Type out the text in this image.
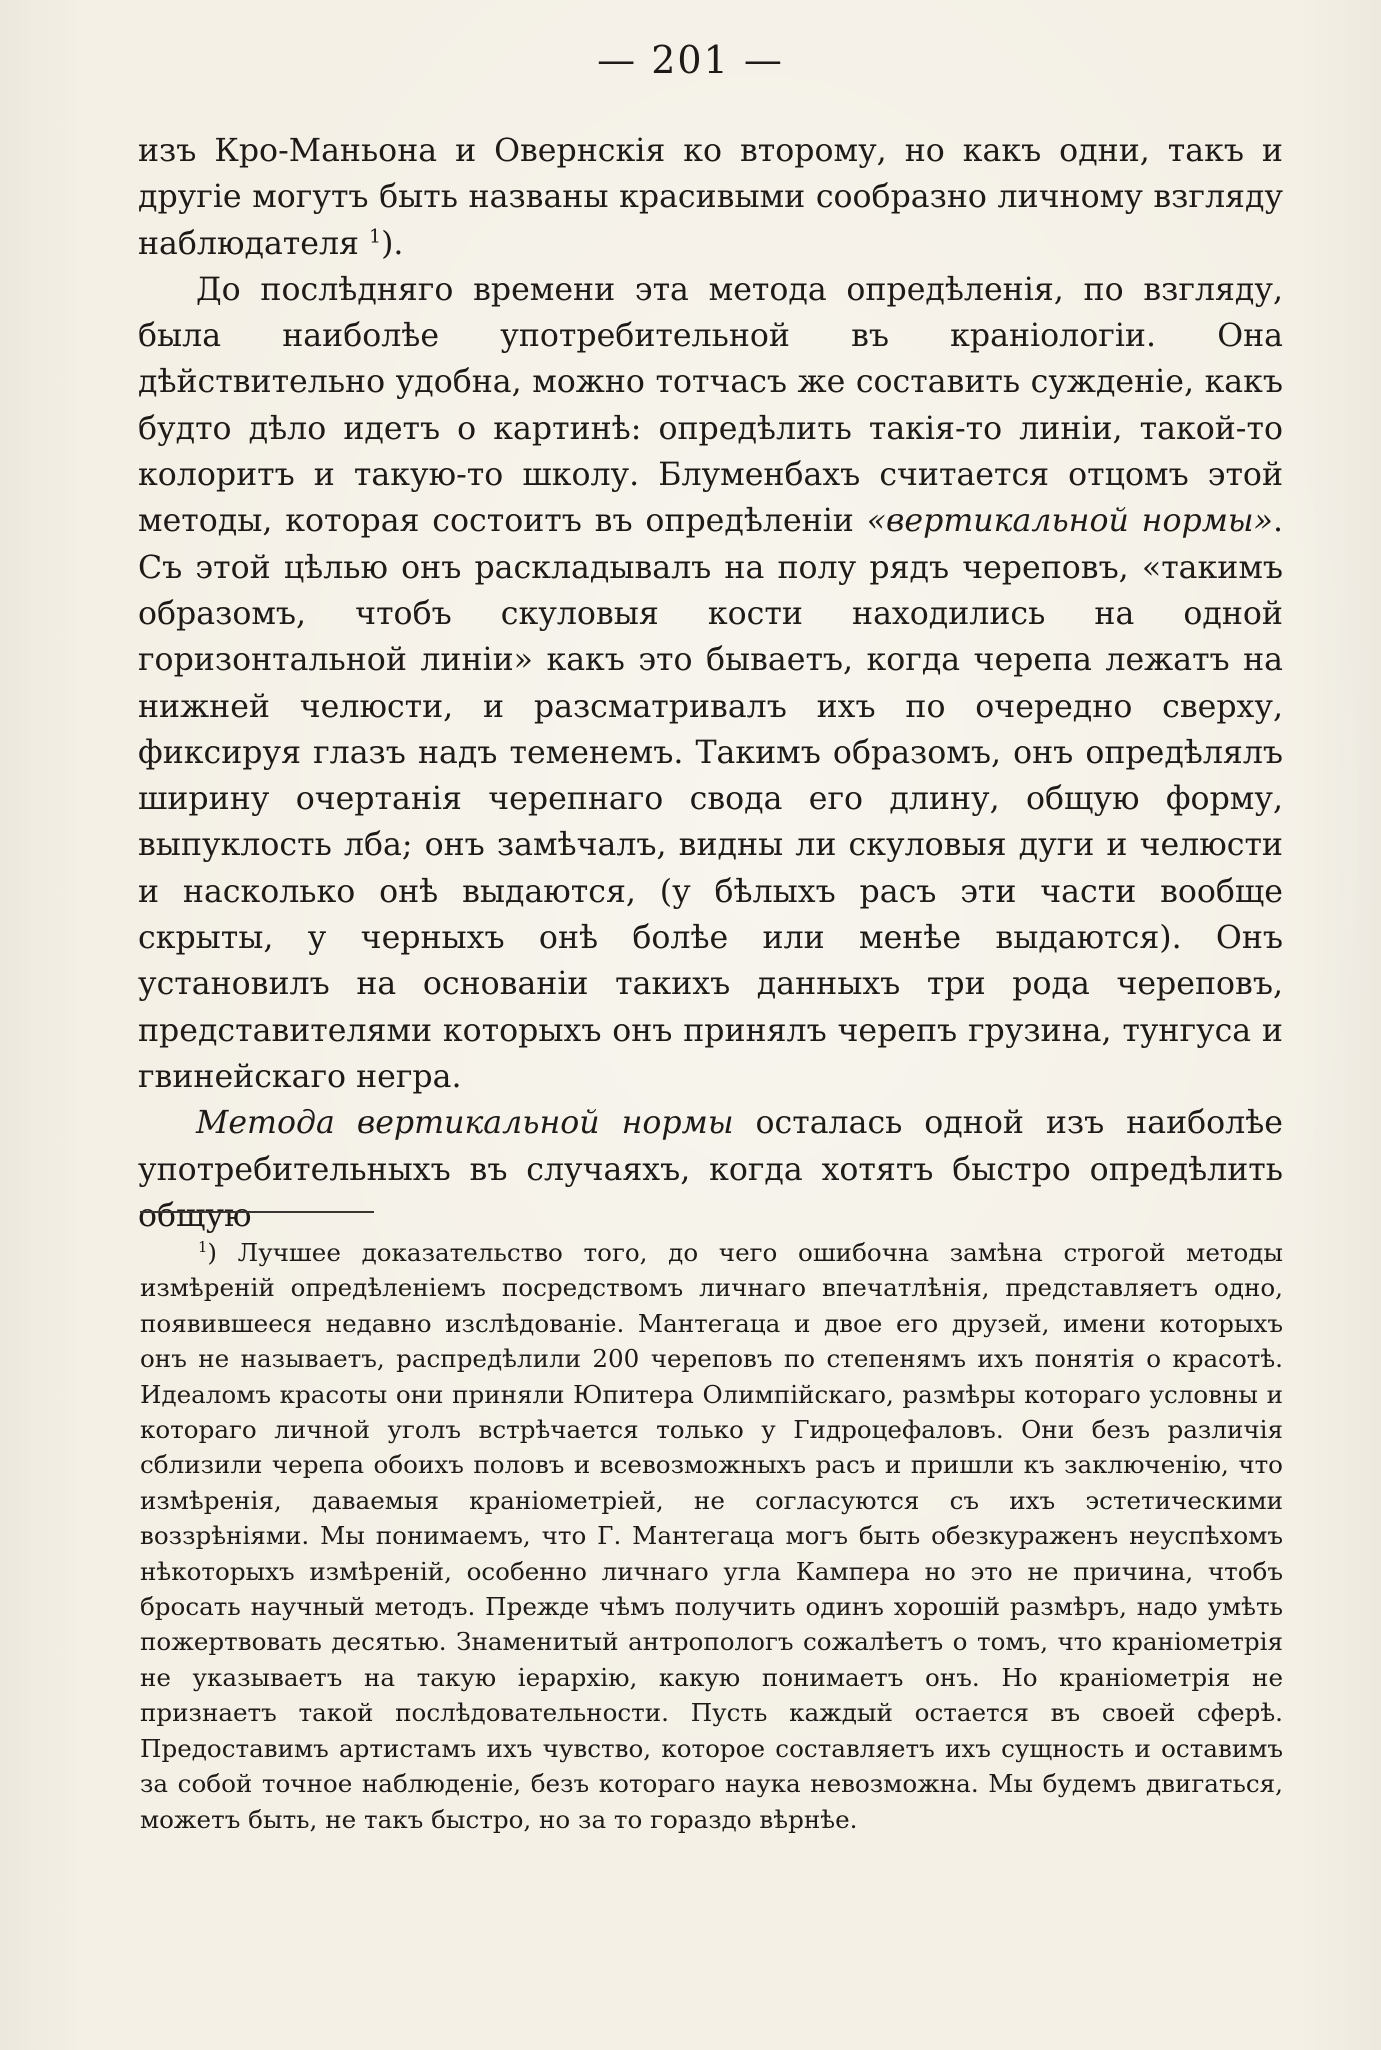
— 201 —

изъ Кро-Маньона и Овернскія ко второму, но какъ одни, такъ и другіе могутъ быть названы красивыми сообразно личному взгляду наблюдателя $^1$).

До послѣдняго времени эта метода опредѣленія, по взгляду, была наиболѣе употребительной въ краніологіи. Она дѣйствительно удобна, можно тотчасъ же составить сужденіе, какъ будто дѣло идетъ о картинѣ: опредѣлить такія-то линіи, такой-то колоритъ и такую-то школу. Блуменбахъ считается отцомъ этой методы, которая состоитъ въ опредѣленіи «вертикальной нормы». Съ этой цѣлью онъ раскладывалъ на полу рядъ череповъ, «такимъ образомъ, чтобъ скуловыя кости находились на одной горизонтальной линіи» какъ это бываетъ, когда черепа лежатъ на нижней челюсти, и разсматривалъ ихъ по очередно сверху, фиксируя глазъ надъ теменемъ. Такимъ образомъ, онъ опредѣлялъ ширину очертанія черепнаго свода его длину, общую форму, выпуклость лба; онъ замѣчалъ, видны ли скуловыя дуги и челюсти и насколько онѣ выдаются, (у бѣлыхъ расъ эти части вообще скрыты, у черныхъ онѣ болѣе или менѣе выдаются). Онъ установилъ на основаніи такихъ данныхъ три рода череповъ, представителями которыхъ онъ принялъ черепъ грузина, тунгуса и гвинейскаго негра.

Метода вертикальной нормы осталась одной изъ наиболѣе употребительныхъ въ случаяхъ, когда хотятъ быстро опредѣлить общую

$^1$) Лучшее доказательство того, до чего ошибочна замѣна строгой методы измѣреній опредѣленіемъ посредствомъ личнаго впечатлѣнія, представляетъ одно, появившееся недавно изслѣдованіе. Мантегаца и двое его друзей, имени которыхъ онъ не называетъ, распредѣлили 200 череповъ по степенямъ ихъ понятія о красотѣ. Идеаломъ красоты они приняли Юпитера Олимпійскаго, размѣры котораго условны и котораго личной уголъ встрѣчается только у Гидроцефаловъ. Они безъ различія сблизили черепа обоихъ половъ и всевозможныхъ расъ и пришли къ заключенію, что измѣренія, даваемыя краніометріей, не согласуются съ ихъ эстетическими воззрѣніями. Мы понимаемъ, что Г. Мантегаца могъ быть обезкураженъ неуспѣхомъ нѣкоторыхъ измѣреній, особенно личнаго угла Кампера но это не причина, чтобъ бросать научный методъ. Прежде чѣмъ получить одинъ хорошій размѣръ, надо умѣть пожертвовать десятью. Знаменитый антропологъ сожалѣетъ о томъ, что краніометрія не указываетъ на такую іерархію, какую понимаетъ онъ. Но краніометрія не признаетъ такой послѣдовательности. Пусть каждый остается въ своей сферѣ. Предоставимъ артистамъ ихъ чувство, которое составляетъ ихъ сущность и оставимъ за собой точное наблюденіе, безъ котораго наука невозможна. Мы будемъ двигаться, можетъ быть, не такъ быстро, но за то гораздо вѣрнѣе.
